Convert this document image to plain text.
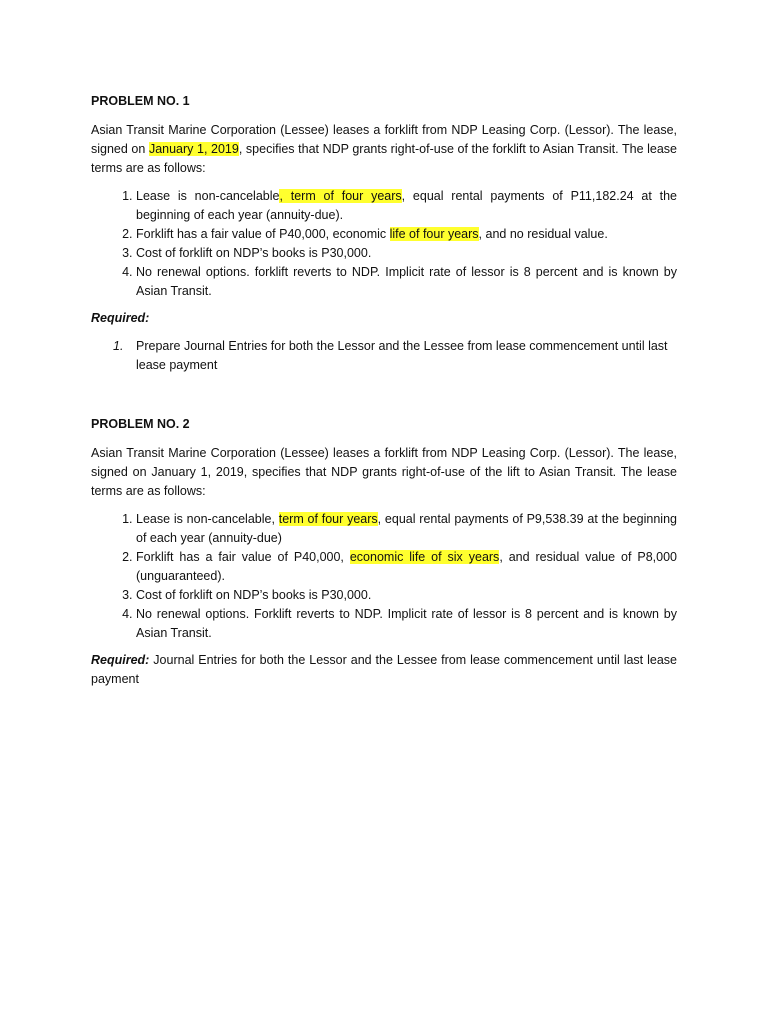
PROBLEM NO. 1

Asian Transit Marine Corporation (Lessee) leases a forklift from NDP Leasing Corp. (Lessor). The lease, signed on January 1, 2019, specifies that NDP grants right-of-use of the forklift to Asian Transit. The lease terms are as follows:

1. Lease is non-cancelable, term of four years, equal rental payments of P11,182.24 at the beginning of each year (annuity-due).
2. Forklift has a fair value of P40,000, economic life of four years, and no residual value.
3. Cost of forklift on NDP’s books is P30,000.
4. No renewal options. forklift reverts to NDP. Implicit rate of lessor is 8 percent and is known by Asian Transit.
Required:
1. Prepare Journal Entries for both the Lessor and the Lessee from lease commencement until last lease payment
PROBLEM NO. 2

Asian Transit Marine Corporation (Lessee) leases a forklift from NDP Leasing Corp. (Lessor). The lease, signed on January 1, 2019, specifies that NDP grants right-of-use of the lift to Asian Transit. The lease terms are as follows:

1. Lease is non-cancelable, term of four years, equal rental payments of P9,538.39 at the beginning of each year (annuity-due)
2. Forklift has a fair value of P40,000, economic life of six years, and residual value of P8,000 (unguaranteed).
3. Cost of forklift on NDP’s books is P30,000.
4. No renewal options. Forklift reverts to NDP. Implicit rate of lessor is 8 percent and is known by Asian Transit.

Required: Journal Entries for both the Lessor and the Lessee from lease commencement until last lease payment
